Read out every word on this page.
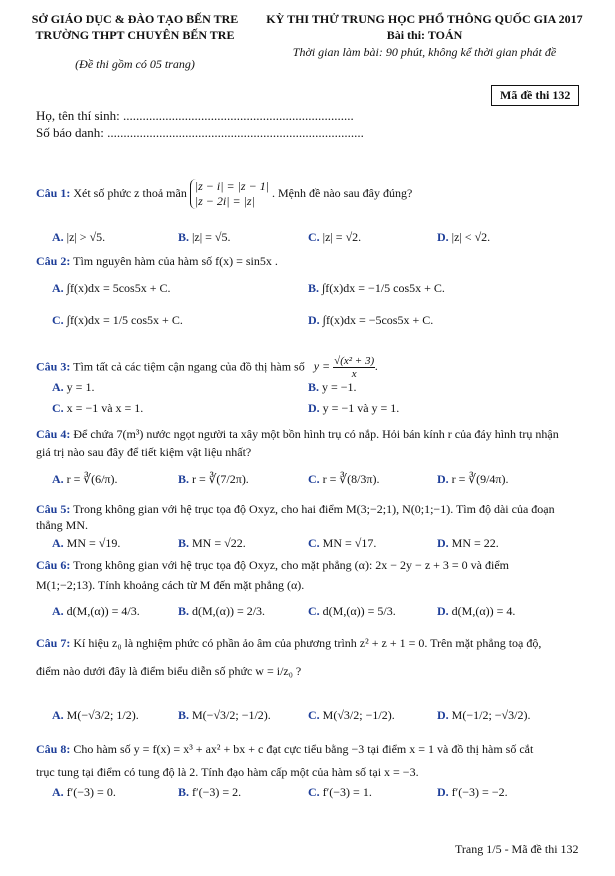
SỞ GIÁO DỤC & ĐÀO TẠO BẾN TRE
TRƯỜNG THPT CHUYÊN BẾN TRE
(Đề thi gồm có 05 trang)
KỲ THI THỬ TRUNG HỌC PHỔ THÔNG QUỐC GIA 2017
Bài thi: TOÁN
Thời gian làm bài: 90 phút, không kể thời gian phát đề
Mã đề thi 132
Họ, tên thí sinh: .......................................................................
Số báo danh: ...............................................................................
Câu 1: Xét số phức z thoả mãn |z − i| = |z − 1|
|z − 2i| = |z|
. Mệnh đề nào sau đây đúng?
A. |z| > √5.	B. |z| = √5.	C. |z| = √2.	D. |z| < √2.
Câu 2: Tìm nguyên hàm của hàm số f(x) = sin5x .
A. ∫f(x)dx = 5cos5x + C.	B. ∫f(x)dx = −1/5 cos5x + C.
C. ∫f(x)dx = 1/5 cos5x + C.	D. ∫f(x)dx = −5cos5x + C.
Câu 3: Tìm tất cả các tiệm cận ngang của đồ thị hàm số $y = \frac{\text{√(x² + 3)}}{x}$ .
A. y = 1.	B. y = −1.
C. x = −1 và x = 1.	D. y = −1 và y = 1.
Câu 4: Để chứa 7(m³) nước ngọt người ta xây một bồn hình trụ có nắp. Hỏi bán kính r của đáy hình trụ nhận
giá trị nào sau đây để tiết kiệm vật liệu nhất?
A. r = ∛(6/π).	B. r = ∛(7/2π).	C. r = ∛(8/3π).	D. r = ∛(9/4π).
Câu 5: Trong không gian với hệ trục tọa độ Oxyz, cho hai điểm M(3;−2;1), N(0;1;−1). Tìm độ dài của đoạn
thẳng MN.
A. MN = √19.	B. MN = √22.	C. MN = √17.	D. MN = 22.
Câu 6: Trong không gian với hệ trục tọa độ Oxyz, cho mặt phẳng (α): 2x − 2y − z + 3 = 0 và điểm
M(1;−2;13). Tính khoảng cách từ M đến mặt phẳng (α).
A. d(M,(α)) = 4/3.	B. d(M,(α)) = 2/3.	C. d(M,(α)) = 5/3.	D. d(M,(α)) = 4.
Câu 7: Kí hiệu z₀ là nghiệm phức có phần ảo âm của phương trình z² + z + 1 = 0. Trên mặt phẳng toạ độ,
điểm nào dưới đây là điểm biểu diễn số phức w = i/z₀ ?
A. M(−√3/2; 1/2).	B. M(−√3/2; −1/2).	C. M(√3/2; −1/2).	D. M(−1/2; −√3/2).
Câu 8: Cho hàm số y = f(x) = x³ + ax² + bx + c đạt cực tiểu bằng −3 tại điểm x = 1 và đồ thị hàm số cắt
trục tung tại điểm có tung độ là 2. Tính đạo hàm cấp một của hàm số tại x = −3.
A. f′(−3) = 0.	B. f′(−3) = 2.	C. f′(−3) = 1.	D. f′(−3) = −2.
Trang 1/5 - Mã đề thi 132
